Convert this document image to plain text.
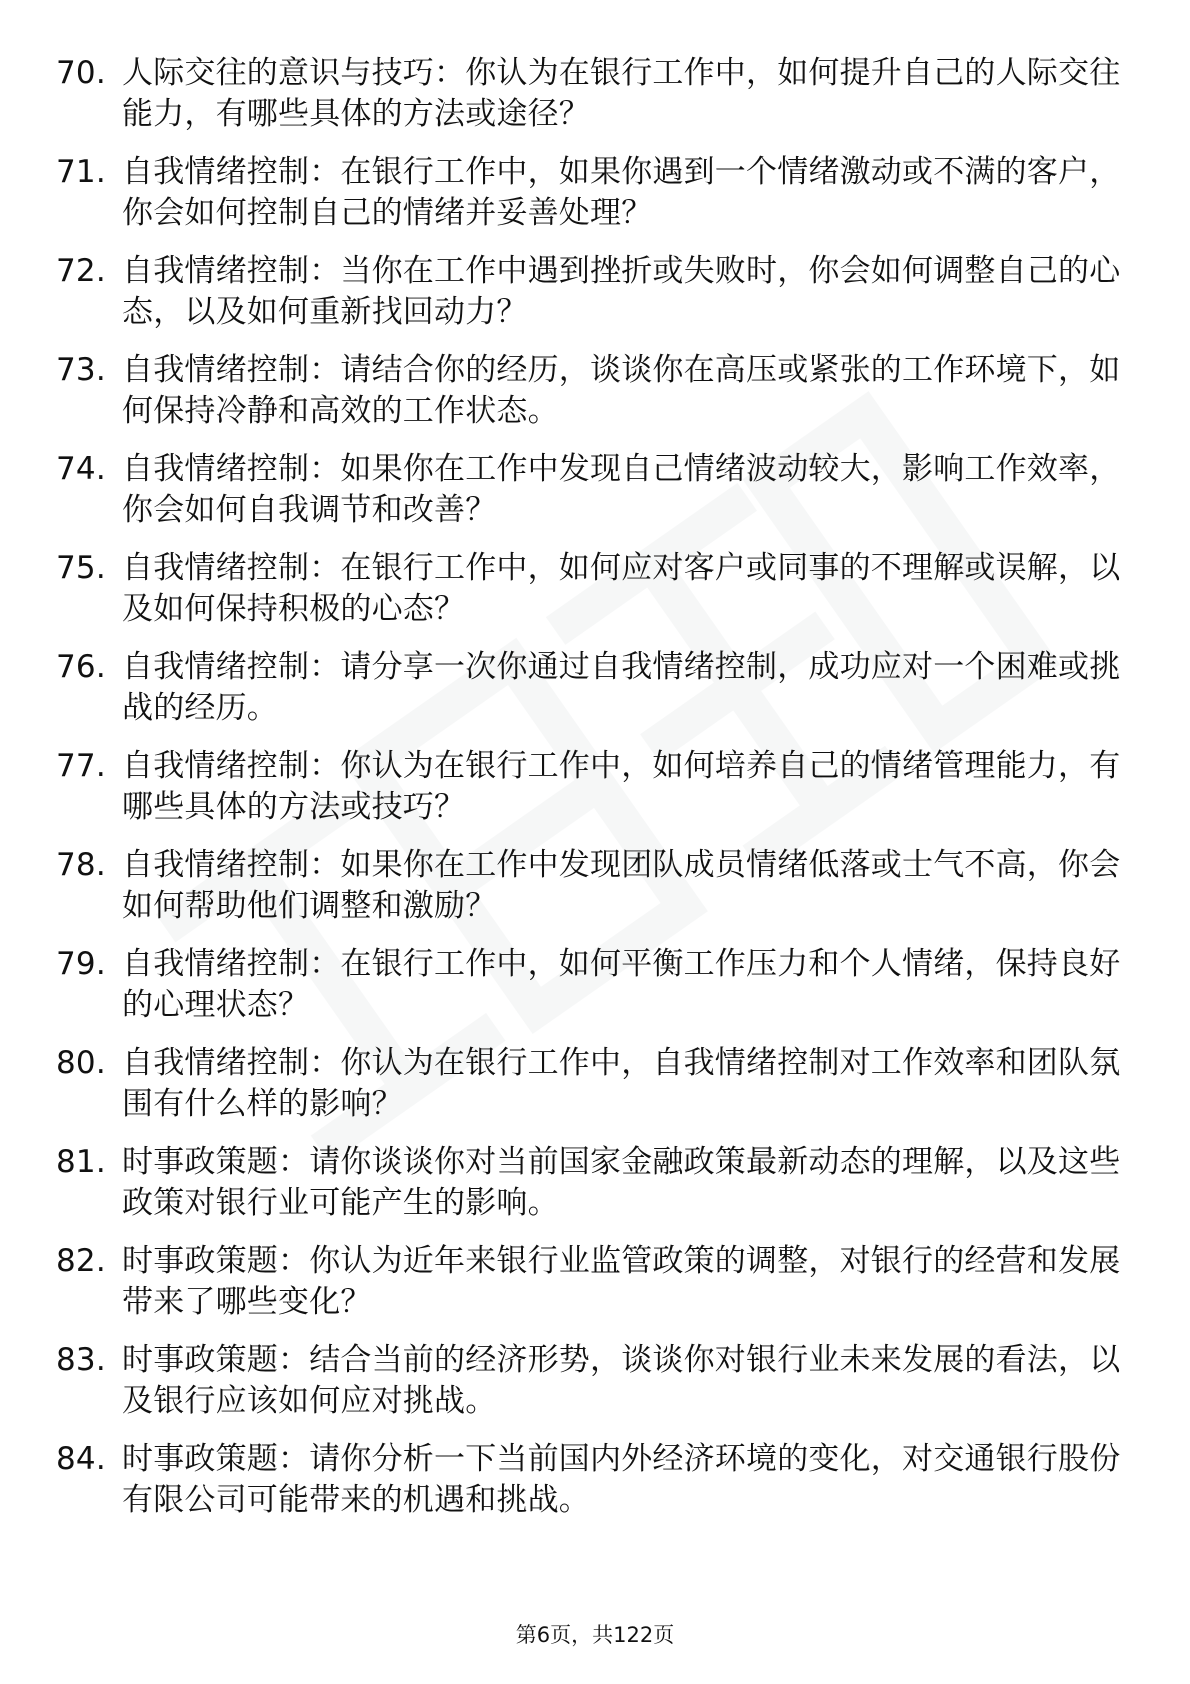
70. 人际交往的意识与技巧：你认为在银行工作中，如何提升自己的人际交往能力，有哪些具体的方法或途径？
71. 自我情绪控制：在银行工作中，如果你遇到一个情绪激动或不满的客户，你会如何控制自己的情绪并妥善处理？
72. 自我情绪控制：当你在工作中遇到挫折或失败时，你会如何调整自己的心态，以及如何重新找回动力？
73. 自我情绪控制：请结合你的经历，谈谈你在高压或紧张的工作环境下，如何保持冷静和高效的工作状态。
74. 自我情绪控制：如果你在工作中发现自己情绪波动较大，影响工作效率，你会如何自我调节和改善？
75. 自我情绪控制：在银行工作中，如何应对客户或同事的不理解或误解，以及如何保持积极的心态？
76. 自我情绪控制：请分享一次你通过自我情绪控制，成功应对一个困难或挑战的经历。
77. 自我情绪控制：你认为在银行工作中，如何培养自己的情绪管理能力，有哪些具体的方法或技巧？
78. 自我情绪控制：如果你在工作中发现团队成员情绪低落或士气不高，你会如何帮助他们调整和激励？
79. 自我情绪控制：在银行工作中，如何平衡工作压力和个人情绪，保持良好的心理状态？
80. 自我情绪控制：你认为在银行工作中，自我情绪控制对工作效率和团队氛围有什么样的影响？
81. 时事政策题：请你谈谈你对当前国家金融政策最新动态的理解，以及这些政策对银行业可能产生的影响。
82. 时事政策题：你认为近年来银行业监管政策的调整，对银行的经营和发展带来了哪些变化？
83. 时事政策题：结合当前的经济形势，谈谈你对银行业未来发展的看法，以及银行应该如何应对挑战。
84. 时事政策题：请你分析一下当前国内外经济环境的变化，对交通银行股份有限公司可能带来的机遇和挑战。
第6页，共122页
